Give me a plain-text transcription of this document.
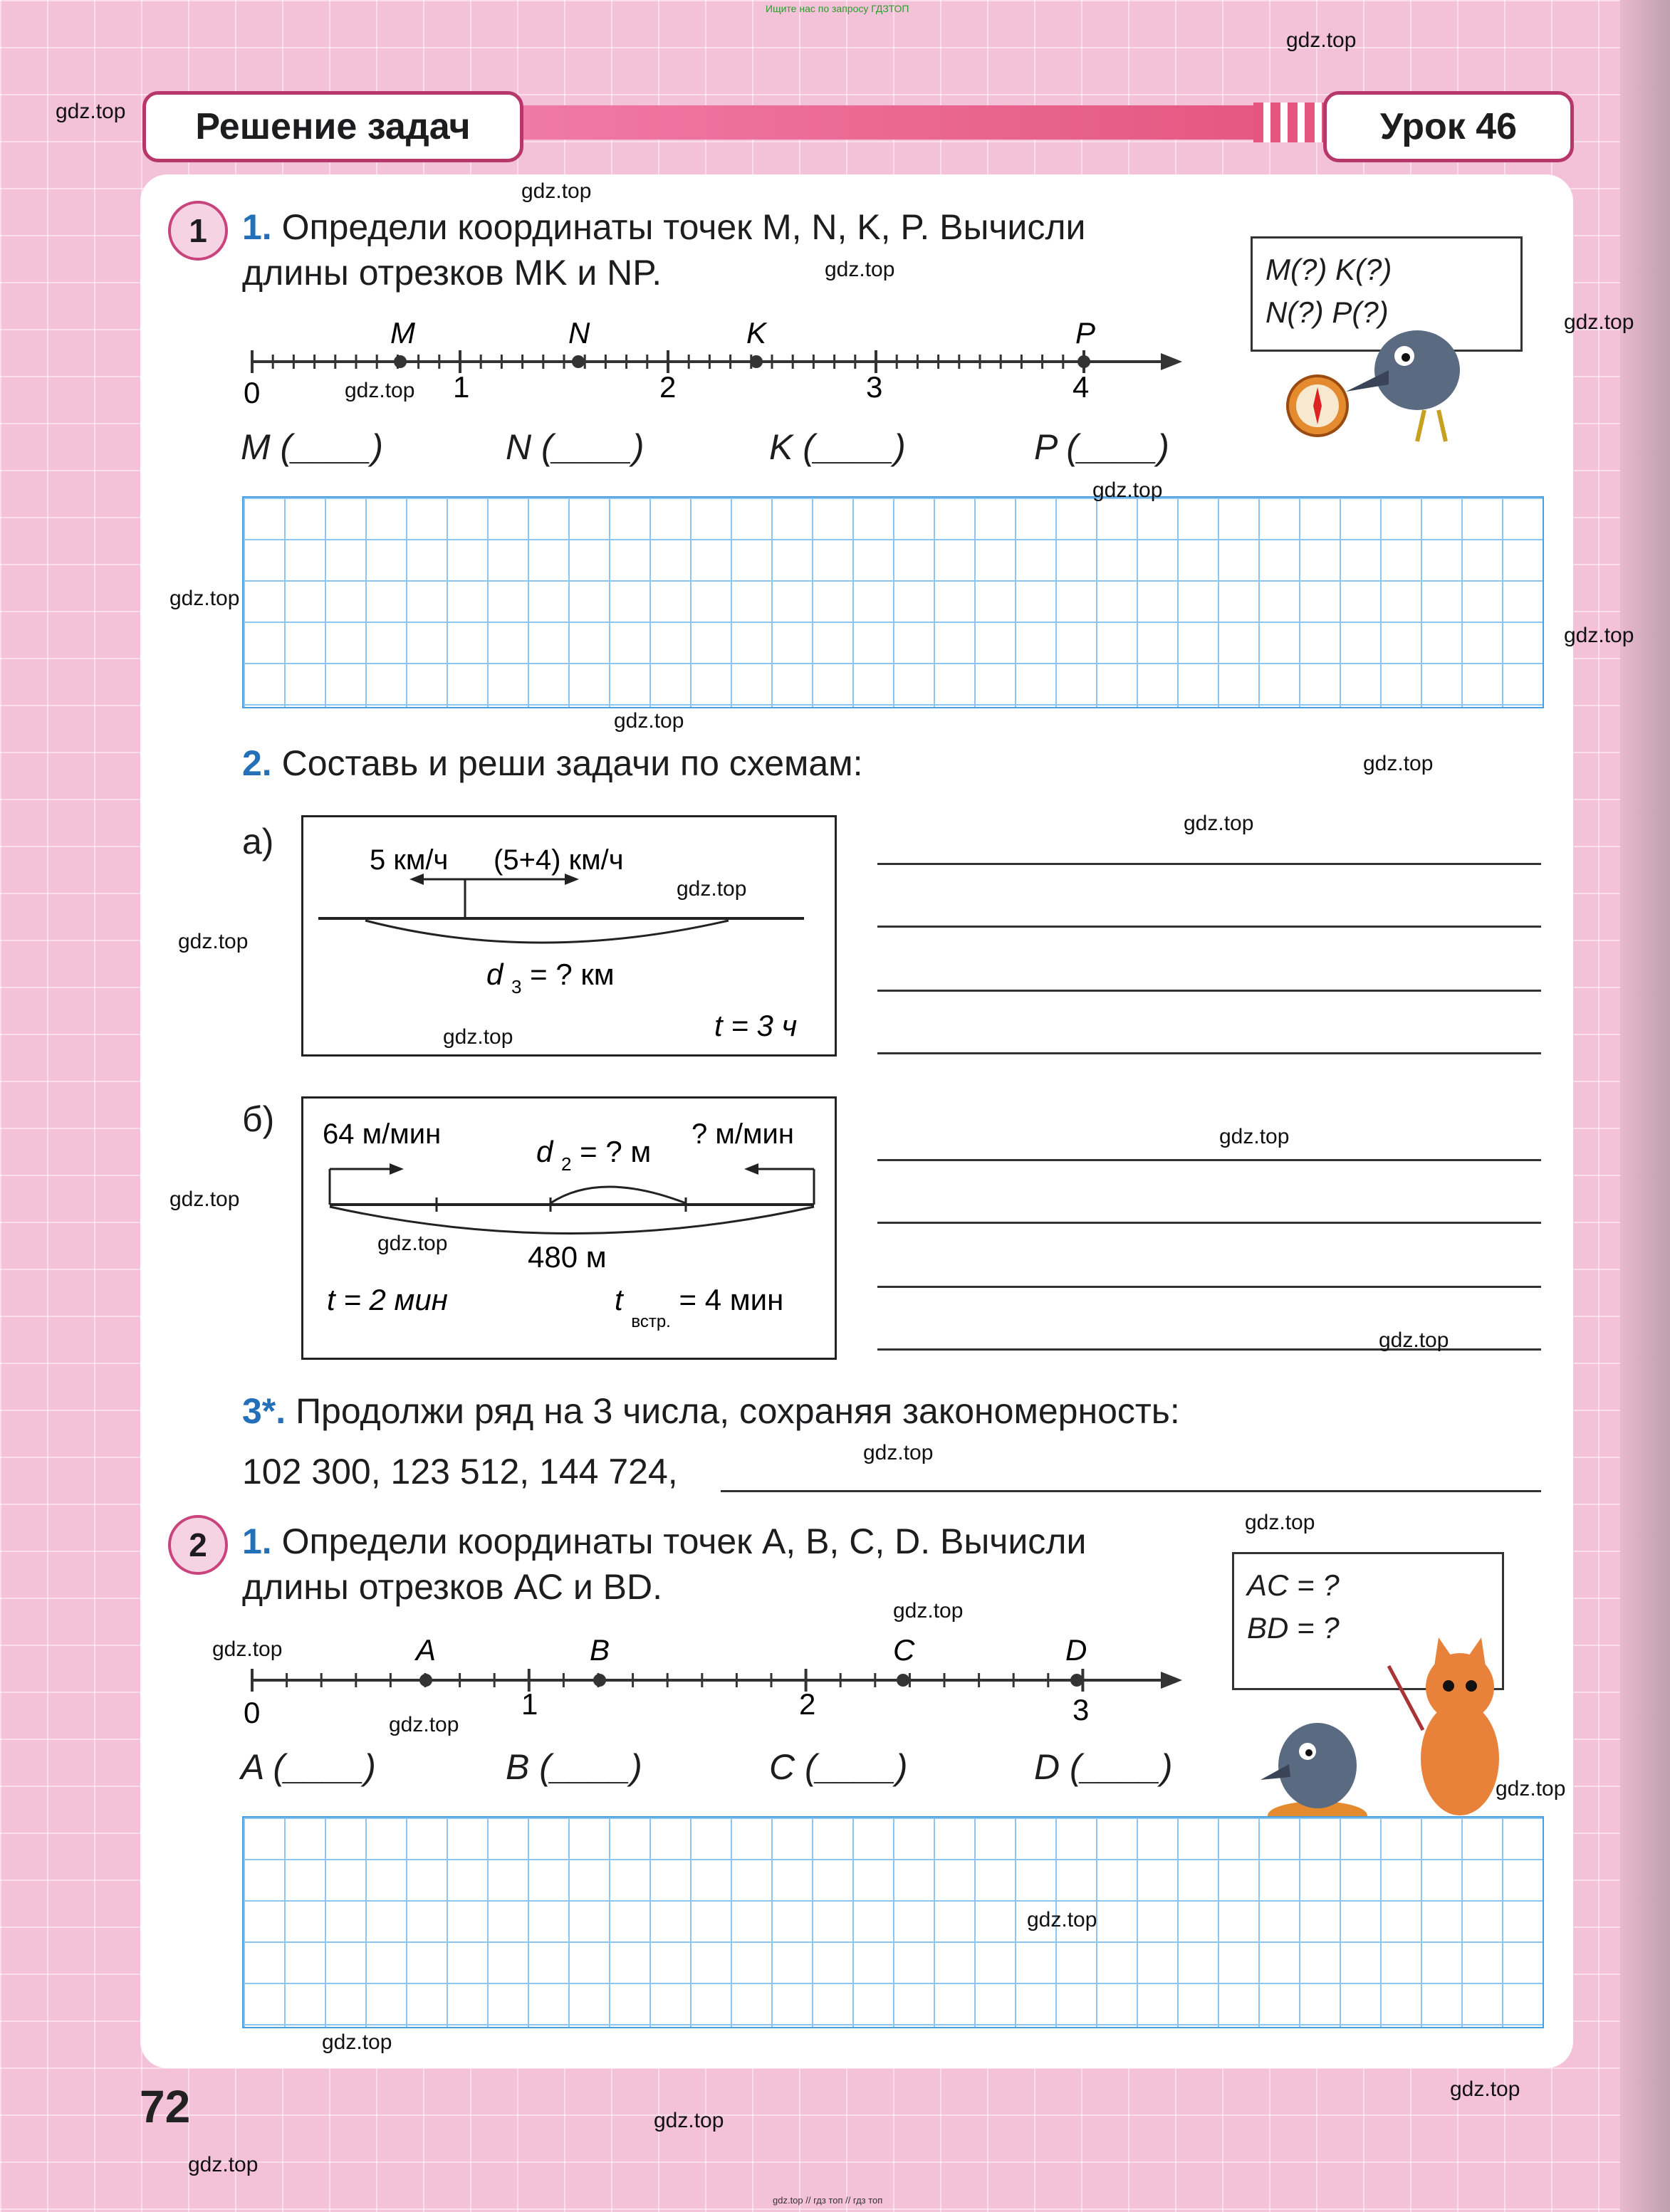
Ищите нас по запросу ГДЗТОП
Решение задач	Урок 46
1 1. Определи координаты точек M, N, K, P. Вычисли
длины отрезков MK и NP.
M	N	K	P
0	1	2	3	4
M (____)	N (____)	K (____)	P (____)
M(?) K(?)
N(?) P(?)
2. Составь и реши задачи по схемам:
а)	5 км/ч (5+4) км/ч
d $_3$ = ? км
t = 3 ч
б) 64 м/мин	? м/мин
d $_2$ = ? м
480 м
t = 2 мин	t $_{встр.}$ = 4 мин
3*. Продолжи ряд на 3 числа, сохраняя закономерность:
102 300, 123 512, 144 724,
2 1. Определи координаты точек A, B, C, D. Вычисли
длины отрезков AC и BD.
A	B	C	D
0	1	2	3
A (____)	B (____)	C (____)	D (____)
AC = ?
BD = ?
72
gdz.top // гдз топ // гдз топ
gdz.top
gdz.top
gdz.top
gdz.top
gdz.top
gdz.top
gdz.top
gdz.top
gdz.top
gdz.top
gdz.top
gdz.top
gdz.top
gdz.top
gdz.top
gdz.top
gdz.top
gdz.top
gdz.top
gdz.top
gdz.top
gdz.top
gdz.top
gdz.top
gdz.top
gdz.top
gdz.top
gdz.top
gdz.top
gdz.top
